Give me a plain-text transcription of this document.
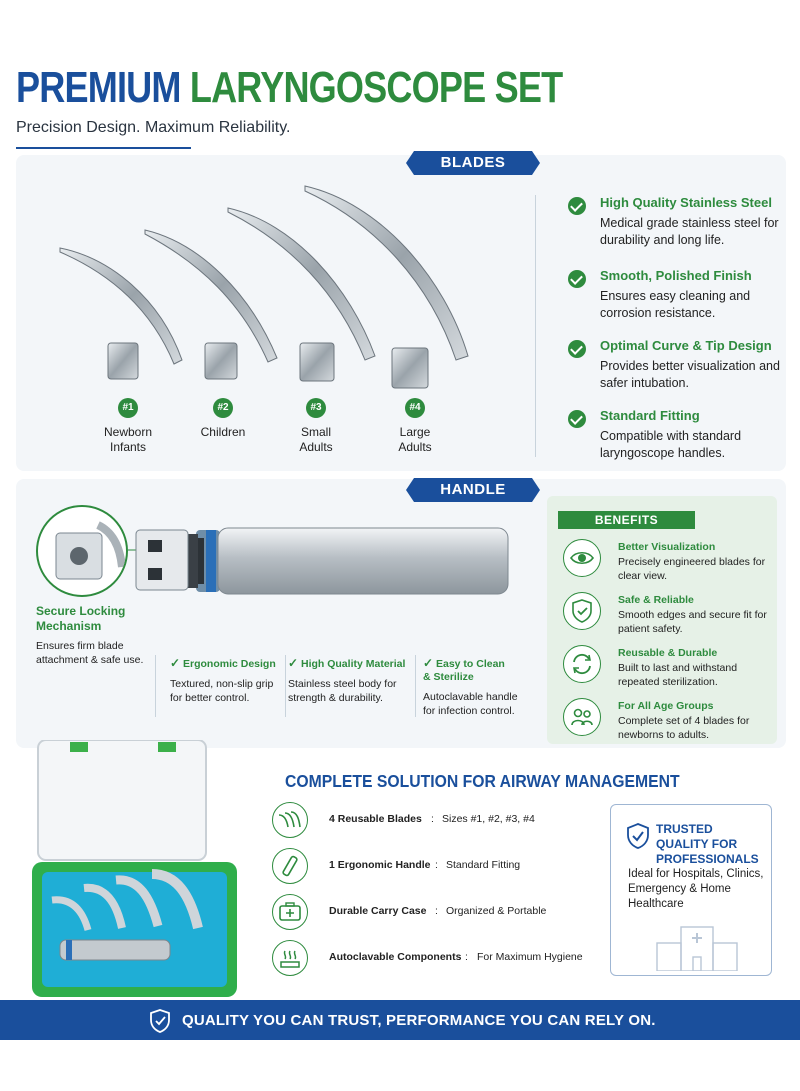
PREMIUM LARYNGOSCOPE SET
Precision Design. Maximum Reliability.
BLADES
#1	#2	#3	#4
Newborn
Infants
Children	Small
Adults
Large
Adults
High Quality Stainless Steel
Medical grade stainless steel for durability and long life.
Smooth, Polished Finish
Ensures easy cleaning and corrosion resistance.
Optimal Curve & Tip Design
Provides better visualization and safer intubation.
Standard Fitting
Compatible with standard laryngoscope handles.
HANDLE
Secure Locking Mechanism
Ensures firm blade attachment & safe use.	✓ Ergonomic Design
Textured, non-slip grip for better control.
✓ High Quality Material
Stainless steel body for strength & durability.
✓ Easy to Clean & Sterilize
Autoclavable handle for infection control.
BENEFITS
Better Visualization
Precisely engineered blades for clear view.
Safe & Reliable
Smooth edges and secure fit for patient safety.
Reusable & Durable
Built to last and withstand repeated sterilization.
For All Age Groups
Complete set of 4 blades for newborns to adults.
COMPLETE SOLUTION FOR AIRWAY MANAGEMENT
4 Reusable Blades : Sizes #1, #2, #3, #4
1 Ergonomic Handle : Standard Fitting
Durable Carry Case : Organized & Portable
Autoclavable Components : For Maximum Hygiene
TRUSTED QUALITY FOR PROFESSIONALS
Ideal for Hospitals, Clinics, Emergency & Home Healthcare
QUALITY YOU CAN TRUST, PERFORMANCE YOU CAN RELY ON.
